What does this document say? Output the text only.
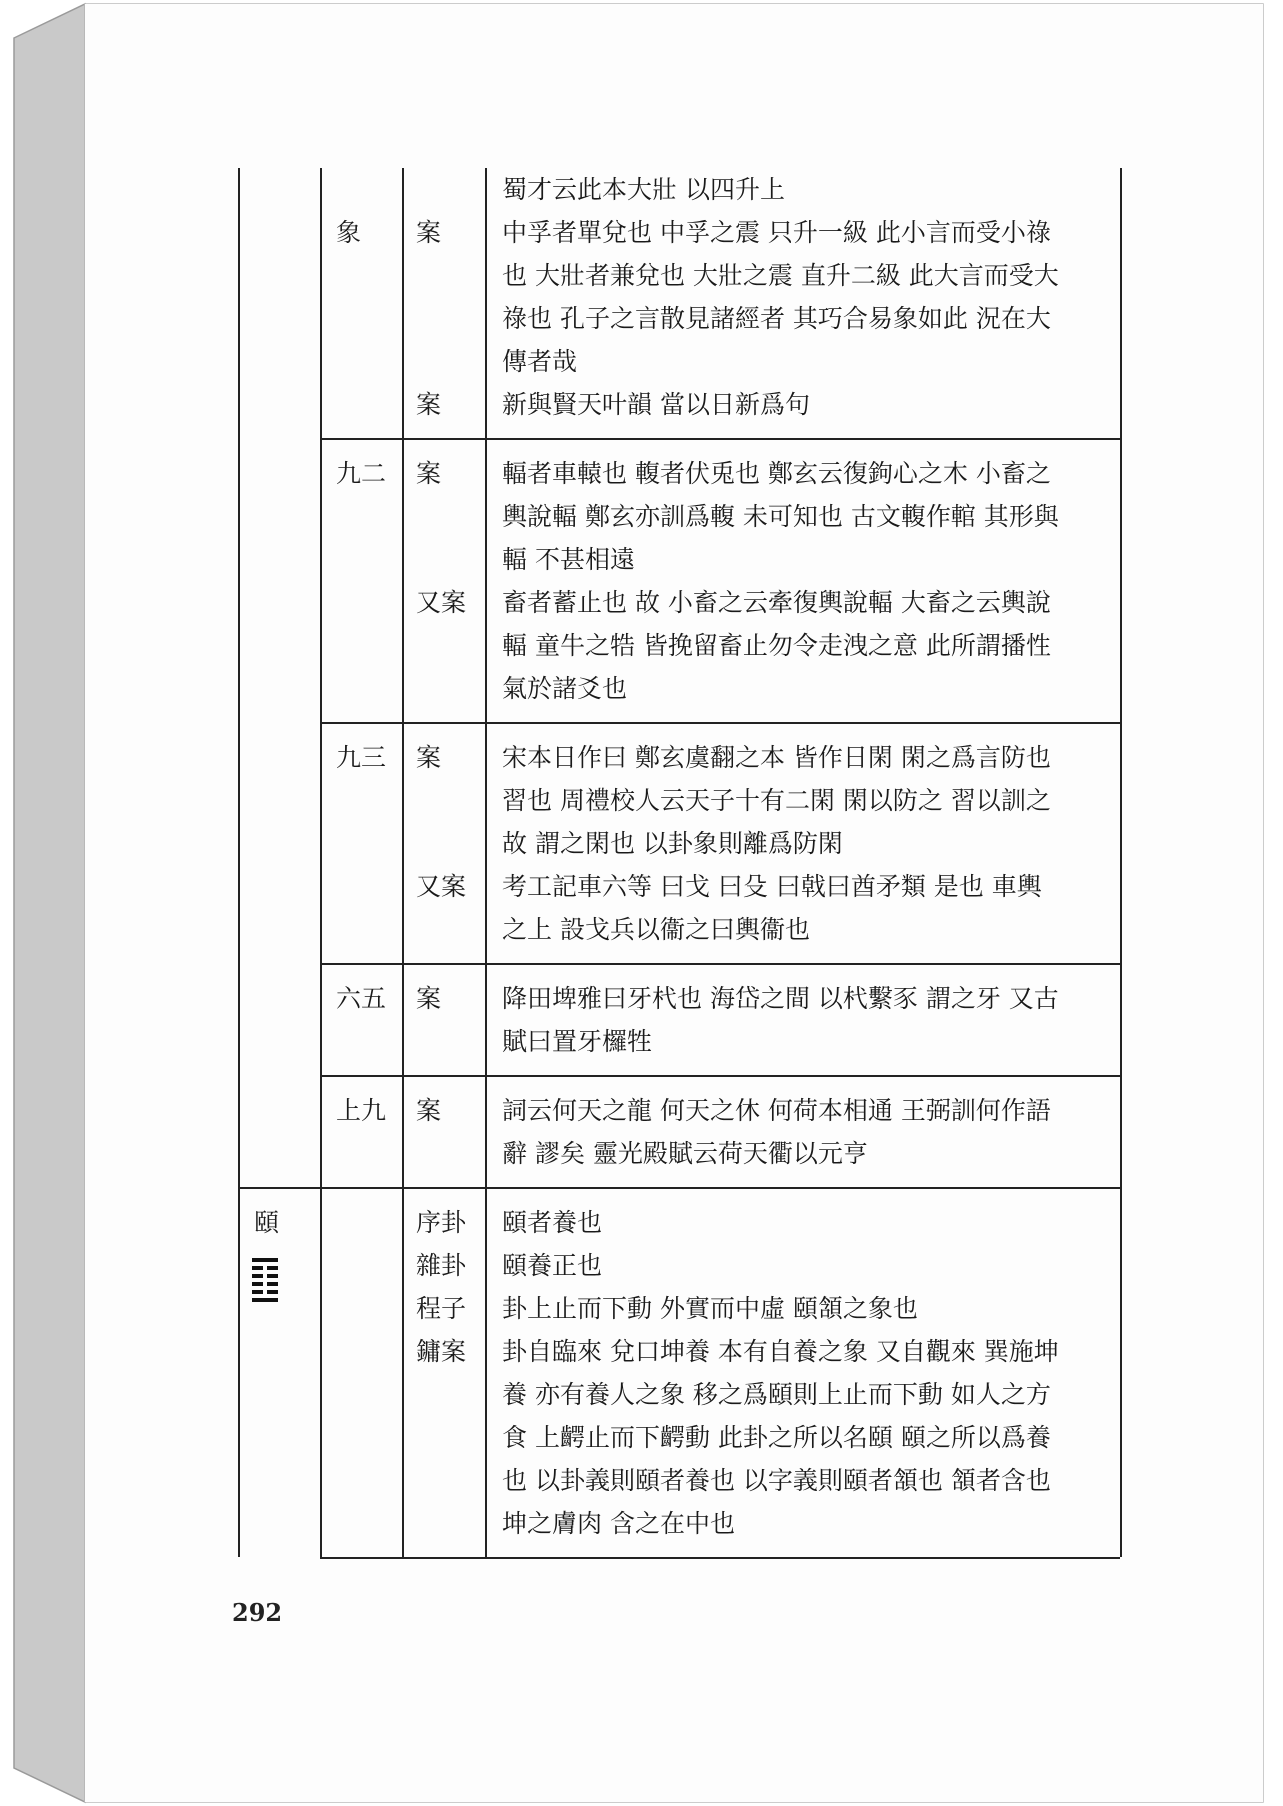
蜀才云此本大壯 以四升上
象 案 中孚者單兌也 中孚之震 只升一級 此小言而受小祿
也 大壯者兼兌也 大壯之震 直升二級 此大言而受大
祿也 孔子之言散見諸經者 其巧合易象如此 況在大
傳者哉
案 新與賢天叶韻 當以日新爲句
案 輻者車轅也 輹者伏兎也 鄭玄云復鉤心之木 小畜之
輿說輻 鄭玄亦訓爲輹 未可知也 古文輹作輨 其形與
輻 不甚相遠
九二
又案 畜者蓄止也 故 小畜之云牽復輿說輻 大畜之云輿說
輻 童牛之牿 皆挽留畜止勿令走洩之意 此所謂播性
氣於諸爻也
案 宋本日作曰 鄭玄虞翻之本 皆作日閑 閑之爲言防也
習也 周禮校人云天子十有二閑 閑以防之 習以訓之
故 謂之閑也 以卦象則離爲防閑
九三
又案 考工記車六等 曰戈 曰殳 曰戟曰酋矛類 是也 車輿
之上 設戈兵以衞之曰輿衞也
案 降田埤雅曰牙杙也 海岱之間 以杙繫豕 謂之牙 又古
賦曰置牙欏牲
六五
案 詞云何天之龍 何天之休 何荷本相通 王弼訓何作語
辭 謬矣 靈光殿賦云荷天衢以元亨
上九
頤	序卦 頤者養也
雜卦 頤養正也
程子 卦上止而下動 外實而中虛 頤頷之象也
鏞案 卦自臨來 兌口坤養 本有自養之象 又自觀來 巽施坤
養 亦有養人之象 移之爲頤則上止而下動 如人之方
食 上齶止而下齶動 此卦之所以名頤 頤之所以爲養
也 以卦義則頤者養也 以字義則頤者頷也 頷者含也
坤之膚肉 含之在中也
292
